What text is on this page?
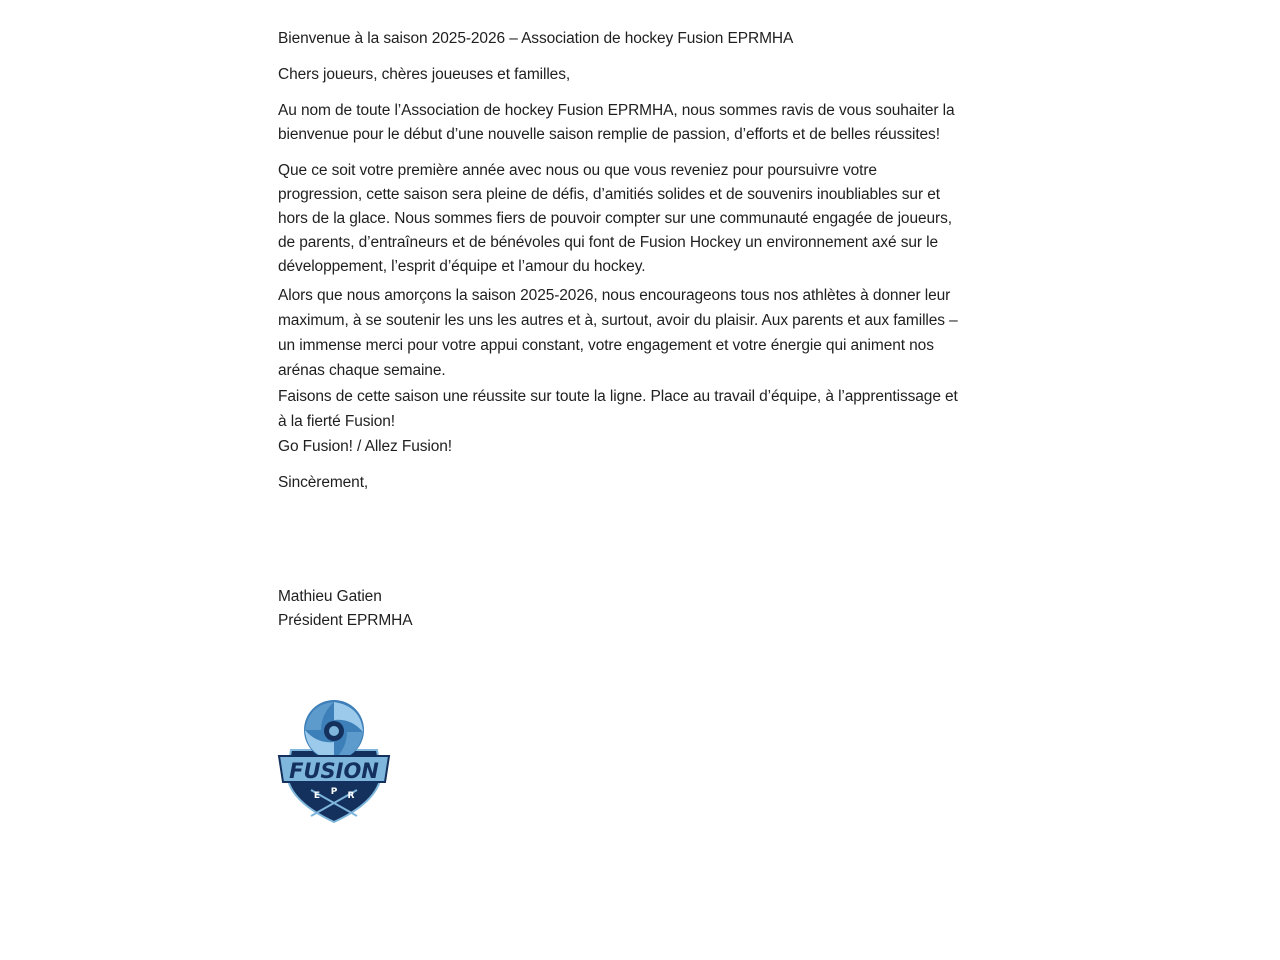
Bienvenue à la saison 2025-2026 – Association de hockey Fusion EPRMHA

Chers joueurs, chères joueuses et familles,

Au nom de toute l’Association de hockey Fusion EPRMHA, nous sommes ravis de vous souhaiter la bienvenue pour le début d’une nouvelle saison remplie de passion, d’efforts et de belles réussites!

Que ce soit votre première année avec nous ou que vous reveniez pour poursuivre votre progression, cette saison sera pleine de défis, d’amitiés solides et de souvenirs inoubliables sur et hors de la glace. Nous sommes fiers de pouvoir compter sur une communauté engagée de joueurs, de parents, d’entraîneurs et de bénévoles qui font de Fusion Hockey un environnement axé sur le développement, l’esprit d’équipe et l’amour du hockey.

Alors que nous amorçons la saison 2025-2026, nous encourageons tous nos athlètes à donner leur maximum, à se soutenir les uns les autres et à, surtout, avoir du plaisir. Aux parents et aux familles – un immense merci pour votre appui constant, votre engagement et votre énergie qui animent nos arénas chaque semaine.

Faisons de cette saison une réussite sur toute la ligne. Place au travail d’équipe, à l’apprentissage et à la fierté Fusion!

Go Fusion! / Allez Fusion!

Sincèrement,

Mathieu Gatien

Président EPRMHA

FUSION
E P R
